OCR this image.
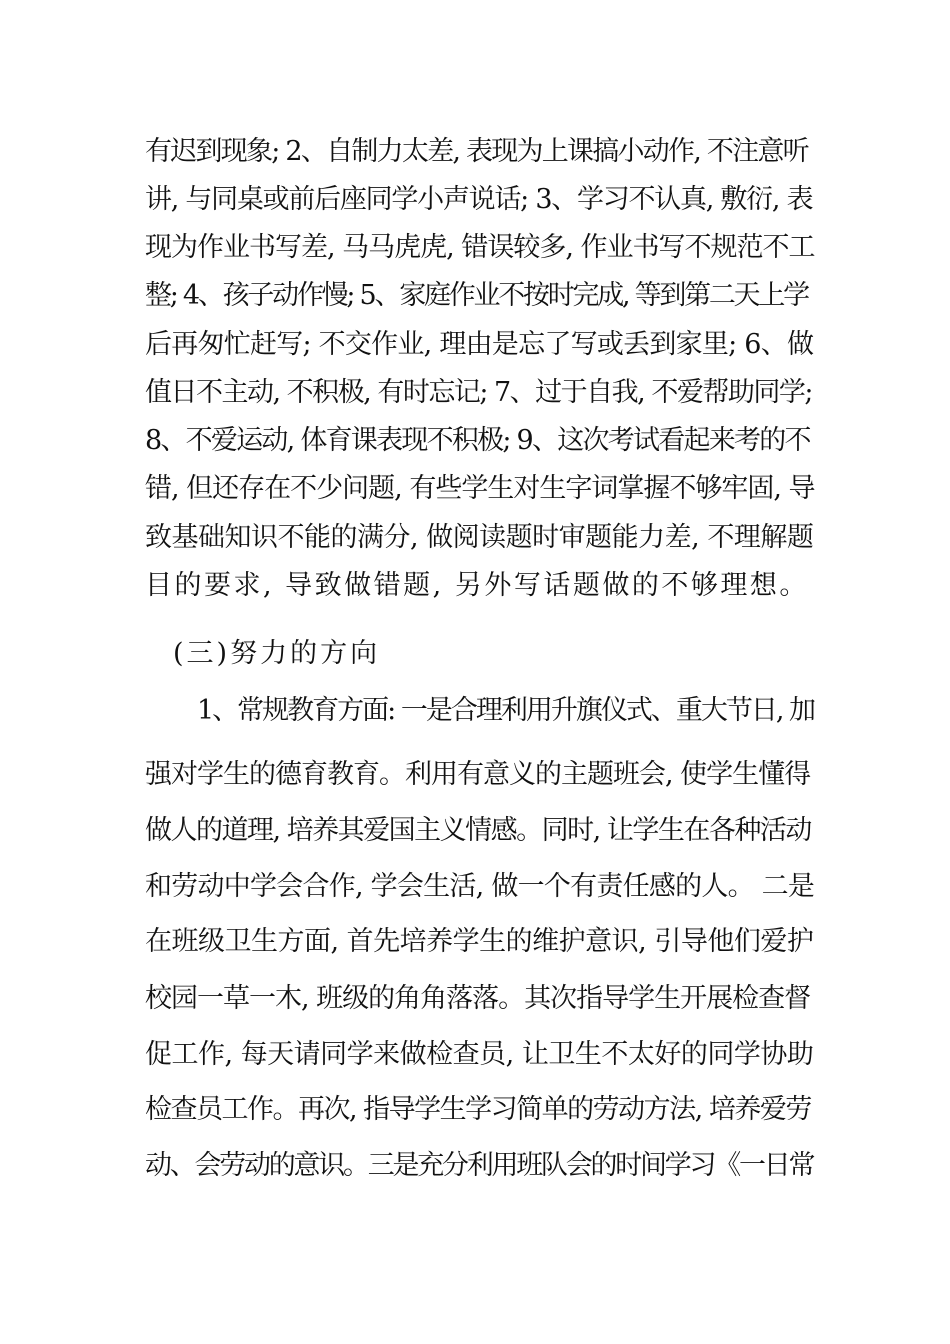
有迟到现象; 2、自制力太差, 表现为上课搞小动作, 不注意听
讲, 与同桌或前后座同学小声说话; 3、学习不认真, 敷衍, 表
现为作业书写差, 马马虎虎, 错误较多, 作业书写不规范不工
整; 4、孩子动作慢; 5、家庭作业不按时完成, 等到第二天上学
后再匆忙赶写; 不交作业, 理由是忘了写或丢到家里; 6、做
值日不主动, 不积极, 有时忘记; 7、过于自我, 不爱帮助同学;
8、不爱运动, 体育课表现不积极; 9、这次考试看起来考的不
错, 但还存在不少问题, 有些学生对生字词掌握不够牢固, 导
致基础知识不能的满分, 做阅读题时审题能力差, 不理解题
目的要求, 导致做错题, 另外写话题做的不够理想。
(三)努力的方向
1、常规教育方面: 一是合理利用升旗仪式、重大节日, 加
强对学生的德育教育。利用有意义的主题班会, 使学生懂得
做人的道理, 培养其爱国主义情感。同时, 让学生在各种活动
和劳动中学会合作, 学会生活, 做一个有责任感的人。 二是
在班级卫生方面, 首先培养学生的维护意识, 引导他们爱护
校园一草一木, 班级的角角落落。其次指导学生开展检查督
促工作, 每天请同学来做检查员, 让卫生不太好的同学协助
检查员工作。再次, 指导学生学习简单的劳动方法, 培养爱劳
动、会劳动的意识。三是充分利用班队会的时间学习《一日常
